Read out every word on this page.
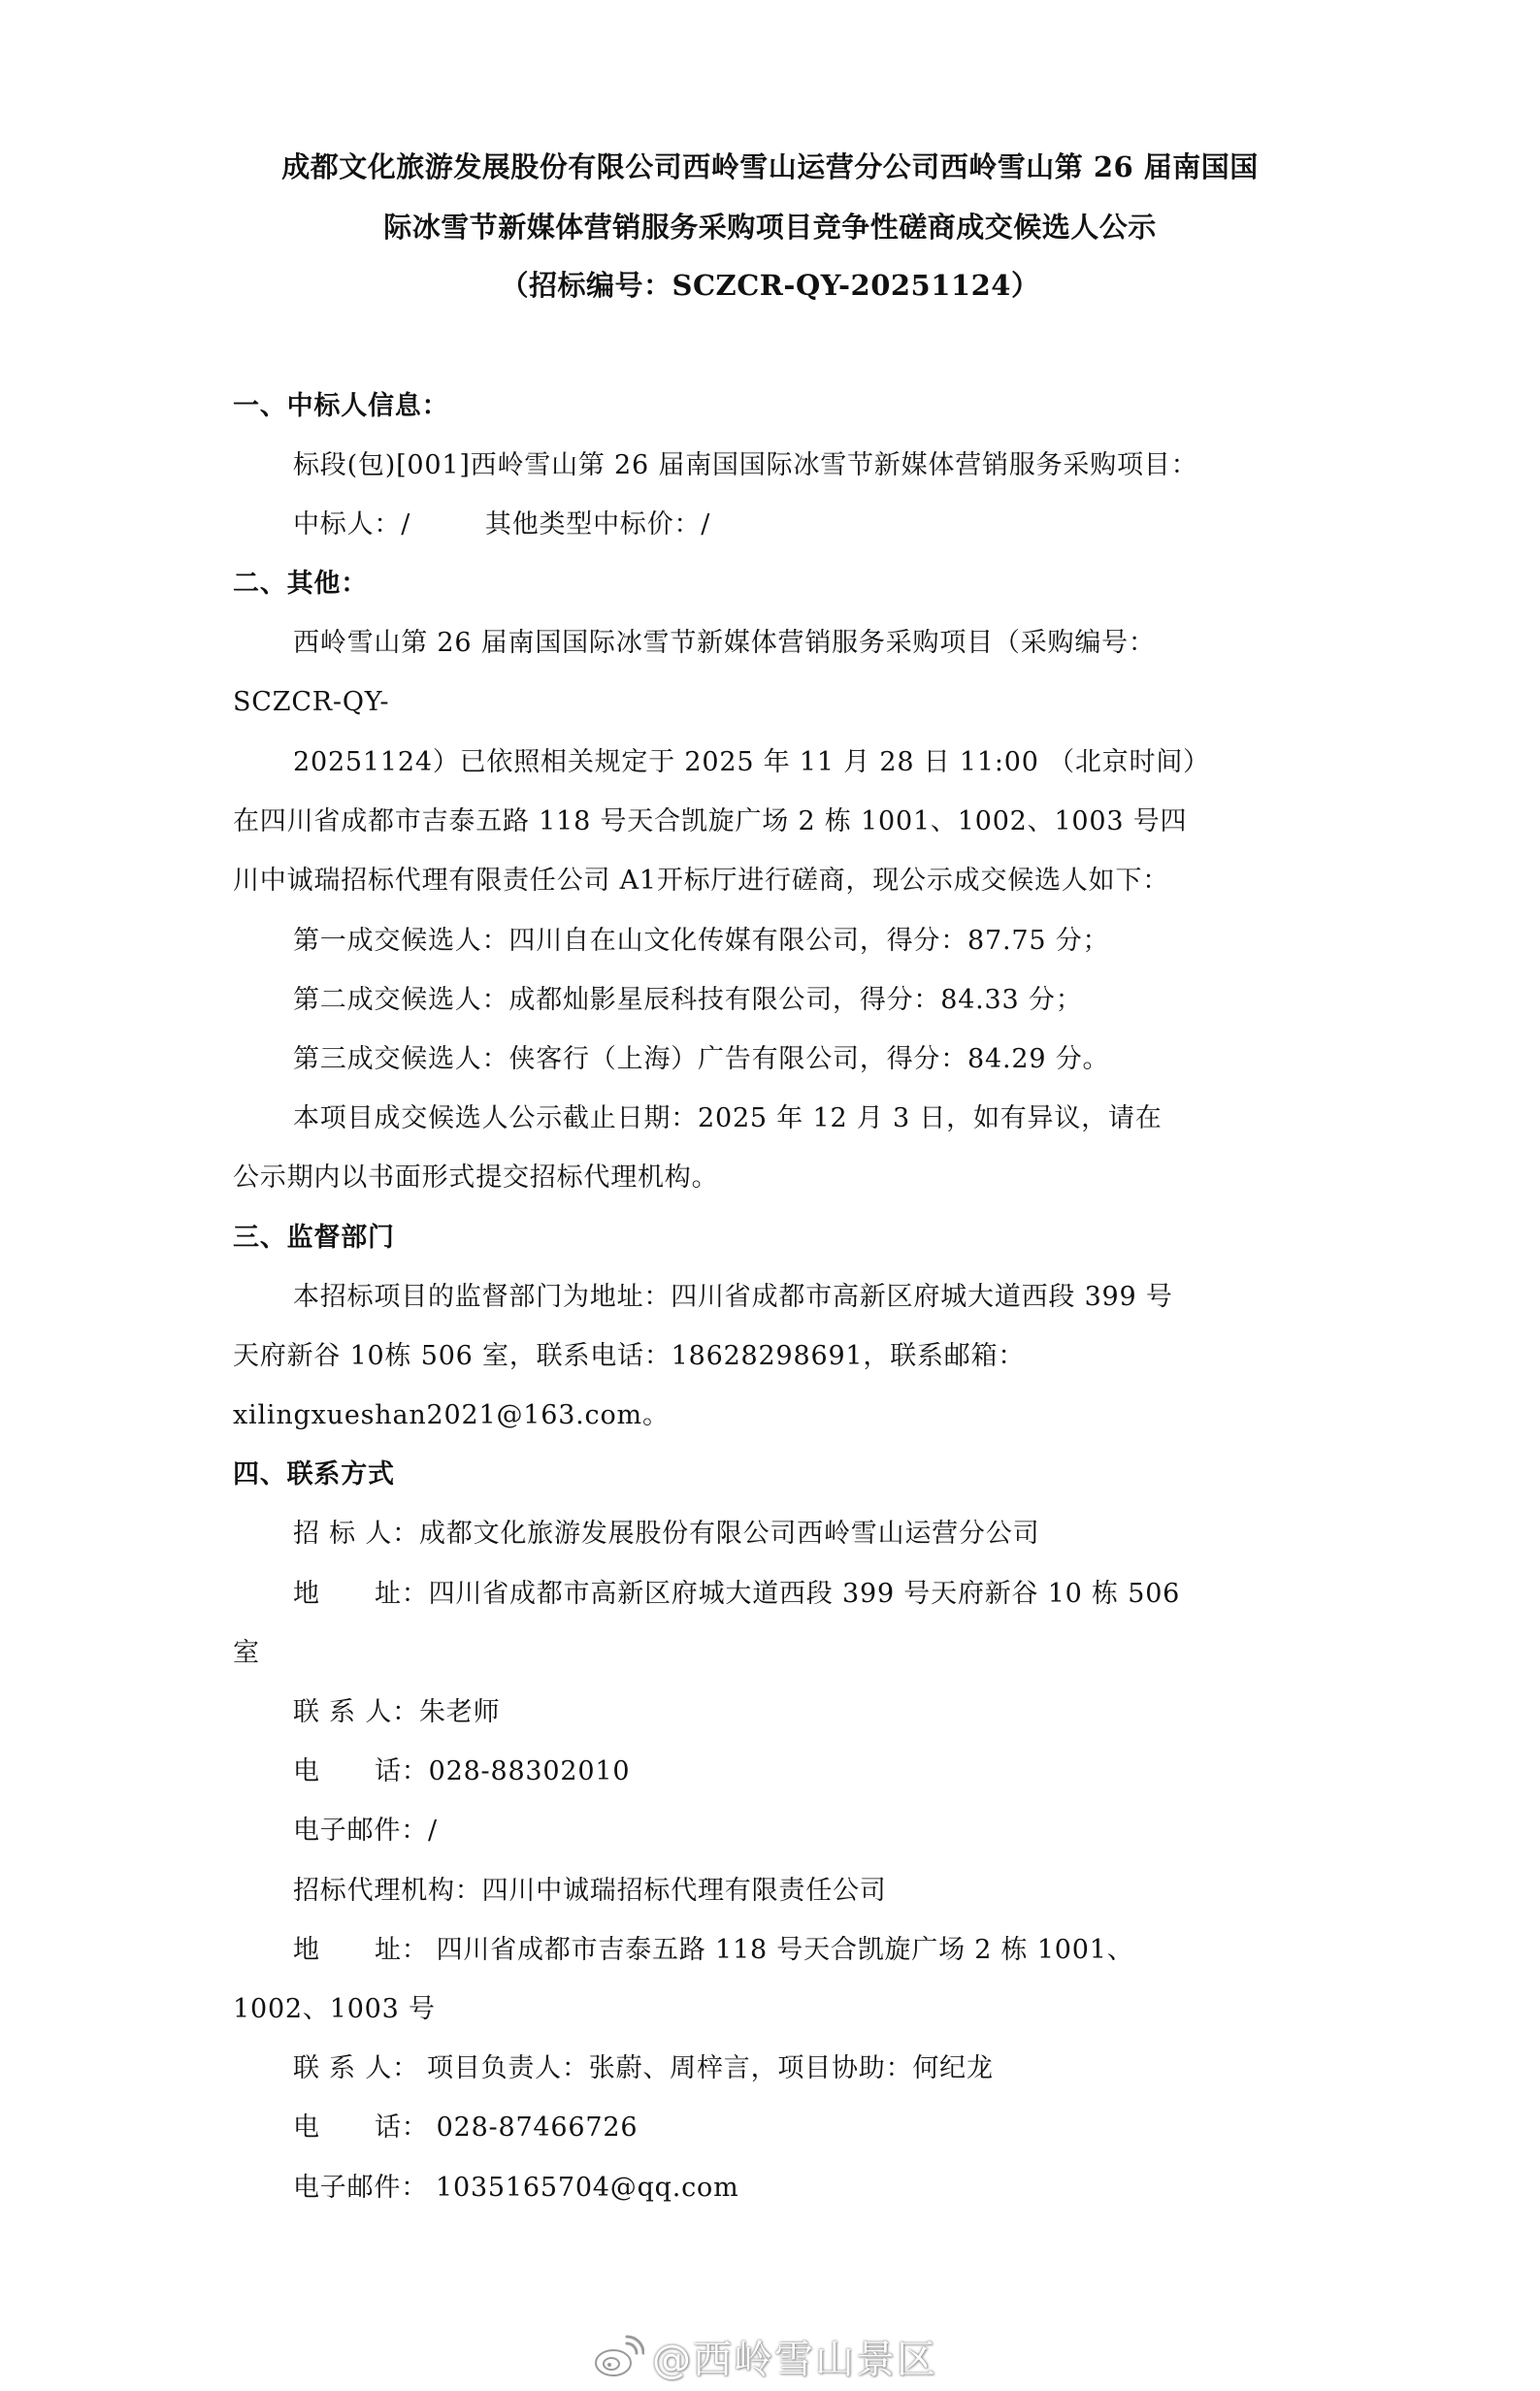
成都文化旅游发展股份有限公司西岭雪山运营分公司西岭雪山第 26 届南国国
际冰雪节新媒体营销服务采购项目竞争性磋商成交候选人公示
（招标编号：SCZCR-QY-20251124）
一、中标人信息：
标段(包)[001]西岭雪山第 26 届南国国际冰雪节新媒体营销服务采购项目：
中标人：/	其他类型中标价：/
二、其他：
西岭雪山第 26 届南国国际冰雪节新媒体营销服务采购项目（采购编号：
SCZCR-QY-
20251124）已依照相关规定于 2025 年 11 月 28 日 11:00 （北京时间）
在四川省成都市吉泰五路 118 号天合凯旋广场 2 栋 1001、1002、1003 号四
川中诚瑞招标代理有限责任公司 A1开标厅进行磋商，现公示成交候选人如下：
第一成交候选人：四川自在山文化传媒有限公司，得分：87.75 分；
第二成交候选人：成都灿影星辰科技有限公司，得分：84.33 分；
第三成交候选人：侠客行（上海）广告有限公司，得分：84.29 分。
本项目成交候选人公示截止日期：2025 年 12 月 3 日，如有异议，请在
公示期内以书面形式提交招标代理机构。
三、监督部门
本招标项目的监督部门为地址：四川省成都市高新区府城大道西段 399 号
天府新谷 10栋 506 室，联系电话：18628298691，联系邮箱：
xilingxueshan2021@163.com。
四、联系方式
招 标 人：成都文化旅游发展股份有限公司西岭雪山运营分公司
地 址：四川省成都市高新区府城大道西段 399 号天府新谷 10 栋 506
室
联 系 人：朱老师
电 话：028-88302010
电子邮件：/
招标代理机构：四川中诚瑞招标代理有限责任公司
地 址： 四川省成都市吉泰五路 118 号天合凯旋广场 2 栋 1001、
1002、1003 号
联 系 人： 项目负责人：张蔚、周梓言，项目协助：何纪龙
电 话： 028-87466726
电子邮件： 1035165704@qq.com
@西岭雪山景区
